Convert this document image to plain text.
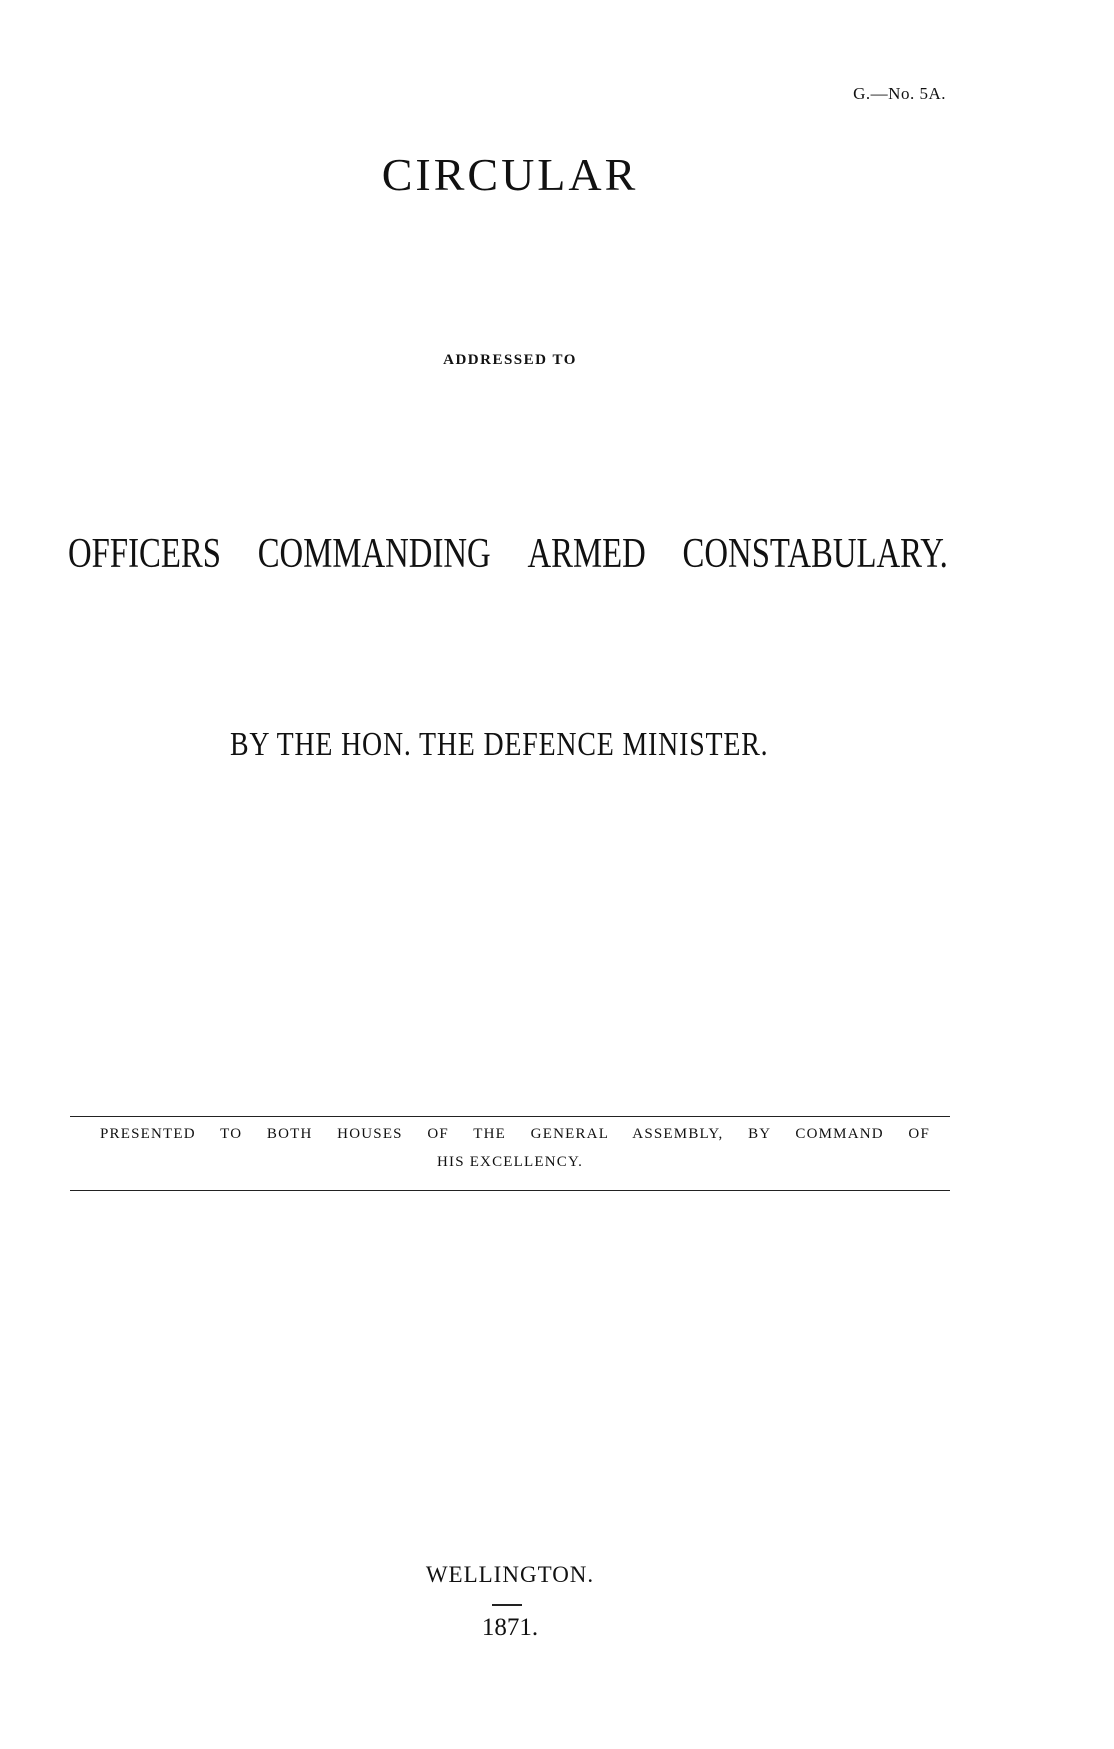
G.—No. 5A.
CIRCULAR
ADDRESSED TO
OFFICERS COMMANDING ARMED CONSTABULARY.
BY THE HON. THE DEFENCE MINISTER.
PRESENTED TO BOTH HOUSES OF THE GENERAL ASSEMBLY, BY COMMAND OF
HIS EXCELLENCY.
WELLINGTON.
1871.
